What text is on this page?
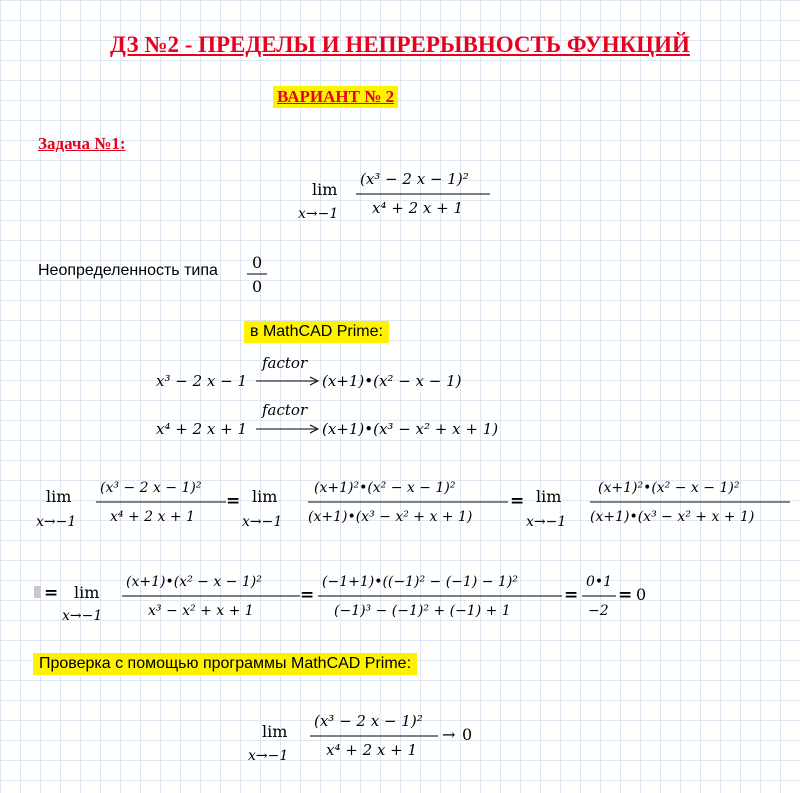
ДЗ №2 - ПРЕДЕЛЫ И НЕПРЕРЫВНОСТЬ ФУНКЦИЙ
ВАРИАНТ № 2
Задача №1:
lim
x→−1
(x³ − 2 x − 1)²
x⁴ + 2 x + 1
Неопределенность типа 0
0
в MathCAD Prime:
x³ − 2 x − 1
factor
(x+1)•(x² − x − 1)
x⁴ + 2 x + 1
factor
(x+1)•(x³ − x² + x + 1)
lim
x→−1
(x³ − 2 x − 1)²
x⁴ + 2 x + 1
= lim
x→−1
(x+1)²•(x² − x − 1)²
(x+1)•(x³ − x² + x + 1)
= lim
x→−1
(x+1)²•(x² − x − 1)²
(x+1)•(x³ − x² + x + 1)
= lim
x→−1
(x+1)•(x² − x − 1)²
x³ − x² + x + 1
=
(−1+1)•((−1)² − (−1) − 1)²
(−1)³ − (−1)² + (−1) + 1
=
0•1
−2
= 0
Проверка с помощью программы MathCAD Prime:
lim
x→−1
(x³ − 2 x − 1)²
x⁴ + 2 x + 1
→ 0
